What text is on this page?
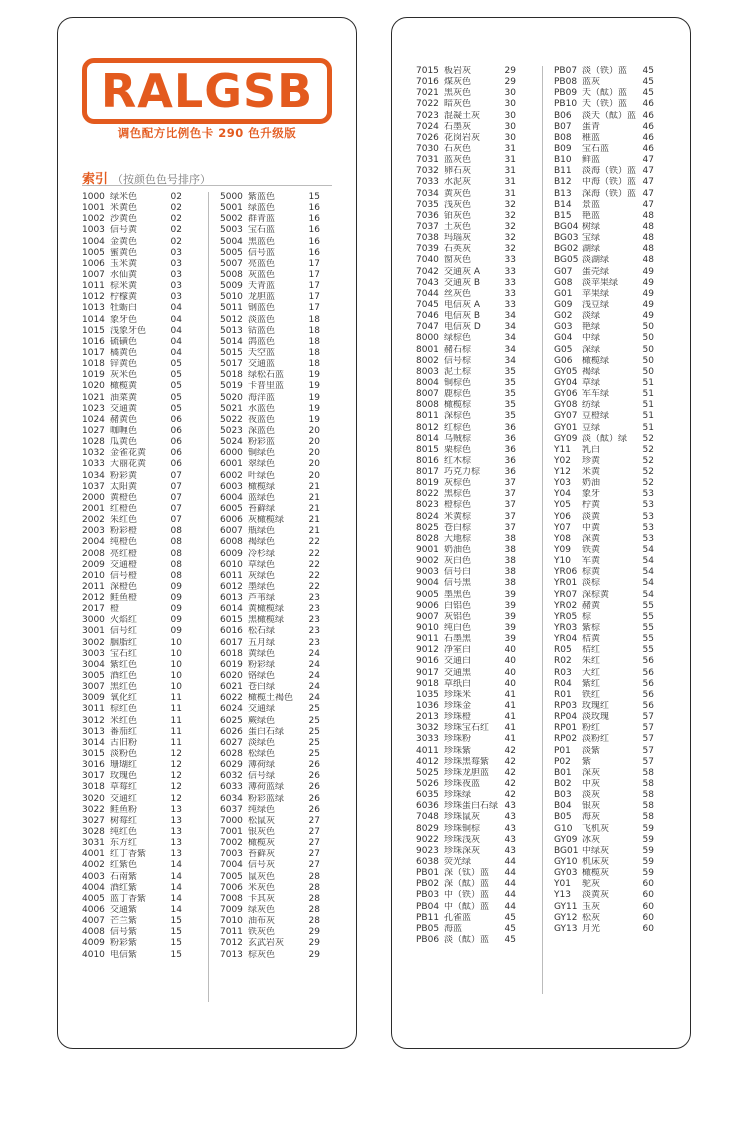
RALGSB
调色配方比例色卡 290 色升级版
索引 （按颜色色号排序）
1000 绿米色	02
1001 米黄色	02
1002 沙黄色	02
1003 信号黄	02
1004 金黄色	02
1005 蜜黄色	03
1006 玉米黄	03
1007 水仙黄	03
1011 棕米黄	03
1012 柠檬黄	03
1013 牡蛎白	04
1014 象牙色	04
1015 浅象牙色	04
1016 硫磺色	04
1017 橘黄色	04
1018 锌黄色	05
1019 灰米色	05
1020 橄榄黄	05
1021 油菜黄	05
1023 交通黄	05
1024 赭黄色	06
1027 咖喱色	06
1028 瓜黄色	06
1032 金雀花黄	06
1033 大丽花黄	06
1034 粉彩黄	07
1037 太阳黄	07
2000 黄橙色	07
2001 红橙色	07
2002 朱红色	07
2003 粉彩橙	08
2004 纯橙色	08
2008 亮红橙	08
2009 交通橙	08
2010 信号橙	08
2011 深橙色	09
2012 鲑鱼橙	09
2017 橙	09
3000 火焰红	09
3001 信号红	09
3002 胭脂红	10
3003 宝石红	10
3004 紫红色	10
3005 酒红色	10
3007 黑红色	10
3009 氧化红	11
3011 棕红色	11
3012 米红色	11
3013 番茄红	11
3014 古旧粉	11
3015 淡粉色	12
3016 珊瑚红	12
3017 玫瑰色	12
3018 草莓红	12
3020 交通红	12
3022 鲑鱼粉	13
3027 树莓红	13
3028 纯红色	13
3031 东方红	13
4001 红丁香紫	13
4002 红紫色	14
4003 石南紫	14
4004 酒红紫	14
4005 蓝丁香紫	14
4006 交通紫	14
4007 芒兰紫	15
4008 信号紫	15
4009 粉彩紫	15
4010 电信紫	15
5000 紫蓝色	15
5001 绿蓝色	16
5002 群青蓝	16
5003 宝石蓝	16
5004 黑蓝色	16
5005 信号蓝	16
5007 亮蓝色	17
5008 灰蓝色	17
5009 天青蓝	17
5010 龙胆蓝	17
5011 钢蓝色	17
5012 淡蓝色	18
5013 钴蓝色	18
5014 鸽蓝色	18
5015 天空蓝	18
5017 交通蓝	18
5018 绿松石蓝	19
5019 卡普里蓝	19
5020 海洋蓝	19
5021 水蓝色	19
5022 夜蓝色	19
5023 深蓝色	20
5024 粉彩蓝	20
6000 铜绿色	20
6001 翠绿色	20
6002 叶绿色	20
6003 橄榄绿	21
6004 蓝绿色	21
6005 苔藓绿	21
6006 灰橄榄绿	21
6007 瓶绿色	21
6008 褐绿色	22
6009 冷杉绿	22
6010 草绿色	22
6011 灰绿色	22
6012 墨绿色	22
6013 芦苇绿	23
6014 黄橄榄绿	23
6015 黑橄榄绿	23
6016 松石绿	23
6017 五月绿	23
6018 黄绿色	24
6019 粉彩绿	24
6020 铬绿色	24
6021 苍白绿	24
6022 橄榄土褐色 24
6024 交通绿	25
6025 蕨绿色	25
6026 蛋白石绿	25
6027 淡绿色	25
6028 松绿色	25
6029 薄荷绿	26
6032 信号绿	26
6033 薄荷蓝绿	26
6034 粉彩蓝绿	26
6037 纯绿色	26
7000 松鼠灰	27
7001 银灰色	27
7002 橄榄灰	27
7003 苔藓灰	27
7004 信号灰	27
7005 鼠灰色	28
7006 米灰色	28
7008 卡其灰	28
7009 绿灰色	28
7010 油布灰	28
7011 铁灰色	29
7012 玄武岩灰	29
7013 棕灰色	29
7015 板岩灰	29
7016 煤灰色	29
7021 黑灰色	30
7022 暗灰色	30
7023 混凝土灰	30
7024 石墨灰	30
7026 花岗岩灰	30
7030 石灰色	31
7031 蓝灰色	31
7032 卵石灰	31
7033 水泥灰	31
7034 黄灰色	31
7035 浅灰色	32
7036 铂灰色	32
7037 土灰色	32
7038 玛瑙灰	32
7039 石英灰	32
7040 窗灰色	33
7042 交通灰 A	33
7043 交通灰 B	33
7044 丝灰色	33
7045 电信灰 A	33
7046 电信灰 B	34
7047 电信灰 D	34
8000 绿棕色	34
8001 赭石棕	34
8002 信号棕	34
8003 泥土棕	35
8004 铜棕色	35
8007 鹿棕色	35
8008 橄榄棕	35
8011 深棕色	35
8012 红棕色	36
8014 乌贼棕	36
8015 栗棕色	36
8016 红木棕	36
8017 巧克力棕	36
8019 灰棕色	37
8022 黑棕色	37
8023 橙棕色	37
8024 米黄棕	37
8025 苍白棕	37
8028 大地棕	38
9001 奶油色	38
9002 灰白色	38
9003 信号白	38
9004 信号黑	38
9005 墨黑色	39
9006 白铝色	39
9007 灰铝色	39
9010 纯白色	39
9011 石墨黑	39
9012 净室白	40
9016 交通白	40
9017 交通黑	40
9018 草纸白	40
1035 珍珠米	41
1036 珍珠金	41
2013 珍珠橙	41
3032 珍珠宝石红 41
3033 珍珠粉	41
4011 珍珠紫	42
4012 珍珠黑莓紫 42
5025 珍珠龙胆蓝 42
5026 珍珠夜蓝	42
6035 珍珠绿	42
6036 珍珠蛋白石绿 43
7048 珍珠鼠灰	43
8029 珍珠铜棕	43
9022 珍珠浅灰	43
9023 珍珠深灰	43
6038 荧光绿	44
PB01 深（钛）蓝 44
PB02 深（酞）蓝 44
PB03 中（铁）蓝 44
PB04 中（酞）蓝 44
PB11 孔雀蓝	45
PB05 海蓝	45
PB06 淡（酞）蓝 45
PB07 淡（铁）蓝 45
PB08 蓝灰	45
PB09 天（酞）蓝 45
PB10 天（铁）蓝 46
B06 淡天（酞）蓝 46
B07 蛋青	46
B08 稚蓝	46
B09 宝石蓝	46
B10 鲜蓝	47
B11 淡海（铁）蓝 47
B12 中海（铁）蓝 47
B13 深海（铁）蓝 47
B14 景蓝	47
B15 艳蓝	48
BG04 树绿	48
BG03 宝绿	48
BG02 湖绿	48
BG05 淡湖绿	48
G07 蛋壳绿	49
G08 淡苹果绿	49
G01 苹果绿	49
G09 浅豆绿	49
G02 淡绿	49
G03 艳绿	50
G04 中绿	50
G05 深绿	50
G06 橄榄绿	50
GY05 褐绿	50
GY04 草绿	51
GY06 军车绿	51
GY08 纺绿	51
GY07 豆橙绿	51
GY01 豆绿	51
GY09 淡（酞）绿 52
Y11 乳白	52
Y02 珍黄	52
Y12 米黄	52
Y03 奶油	52
Y04 象牙	53
Y05 柠黄	53
Y06 淡黄	53
Y07 中黄	53
Y08 深黄	53
Y09 铁黄	54
Y10 军黄	54
YR06 棕黄	54
YR01 淡棕	54
YR07 深棕黄	54
YR02 赭黄	55
YR05 棕	55
YR03 紫棕	55
YR04 桔黄	55
R05 桔红	55
R02 朱红	56
R03 大红	56
R04 紫红	56
R01 铁红	56
RP03 玫瑰红	56
RP04 淡玫瑰	57
RP01 粉红	57
RP02 淡粉红	57
P01 淡紫	57
P02 紫	57
B01 深灰	58
B02 中灰	58
B03 淡灰	58
B04 银灰	58
B05 海灰	58
G10 飞机灰	59
GY09 冰灰	59
BG01 中绿灰	59
GY10 机床灰	59
GY03 橄榄灰	59
Y01 驼灰	60
Y13 淡黄灰	60
GY11 玉灰	60
GY12 松灰	60
GY13 月光	60
